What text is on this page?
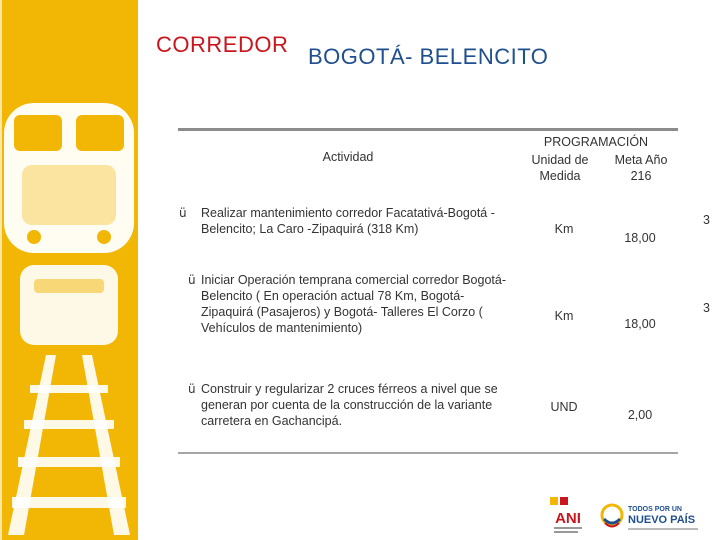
CORREDOR BOGOTÁ- BELENCITO
Actividad
PROGRAMACIÓN
Unidad de
Medida
Meta Año
216
ü Realizar mantenimiento corredor Facatativá-Bogotá -
Belencito; La Caro -Zipaquirá (318 Km)	Km
18,00
3
ü Iniciar Operación temprana comercial corredor Bogotá-
Belencito ( En operación actual 78 Km, Bogotá-
Zipaquirá (Pasajeros) y Bogotá- Talleres El Corzo (
Vehículos de mantenimiento)
Km
18,00
3
ü Construir y regularizar 2 cruces férreos a nivel que se
generan por cuenta de la construcción de la variante
carretera en Gachancipá.
UND
2,00
ANI
TODOS POR UN
NUEVO PAÍS
